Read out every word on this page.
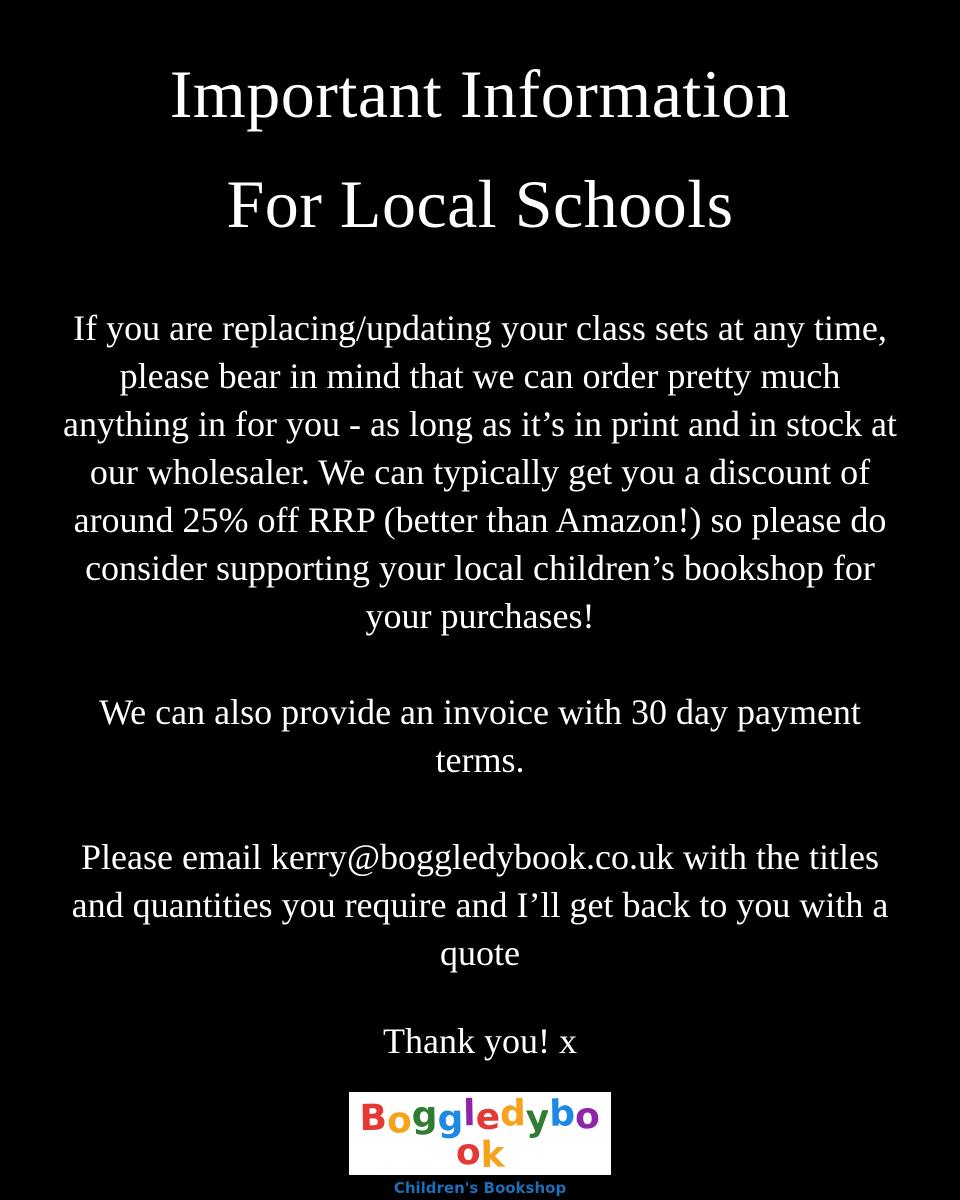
Important Information
For Local Schools

If you are replacing/updating your class sets at any time, please bear in mind that we can order pretty much anything in for you - as long as it’s in print and in stock at our wholesaler. We can typically get you a discount of around 25% off RRP (better than Amazon!) so please do consider supporting your local children’s bookshop for your purchases!

We can also provide an invoice with 30 day payment terms.

Please email kerry@boggledybook.co.uk with the titles and quantities you require and I’ll get back to you with a quote

Thank you! x

Boggledybook
Children's Bookshop
